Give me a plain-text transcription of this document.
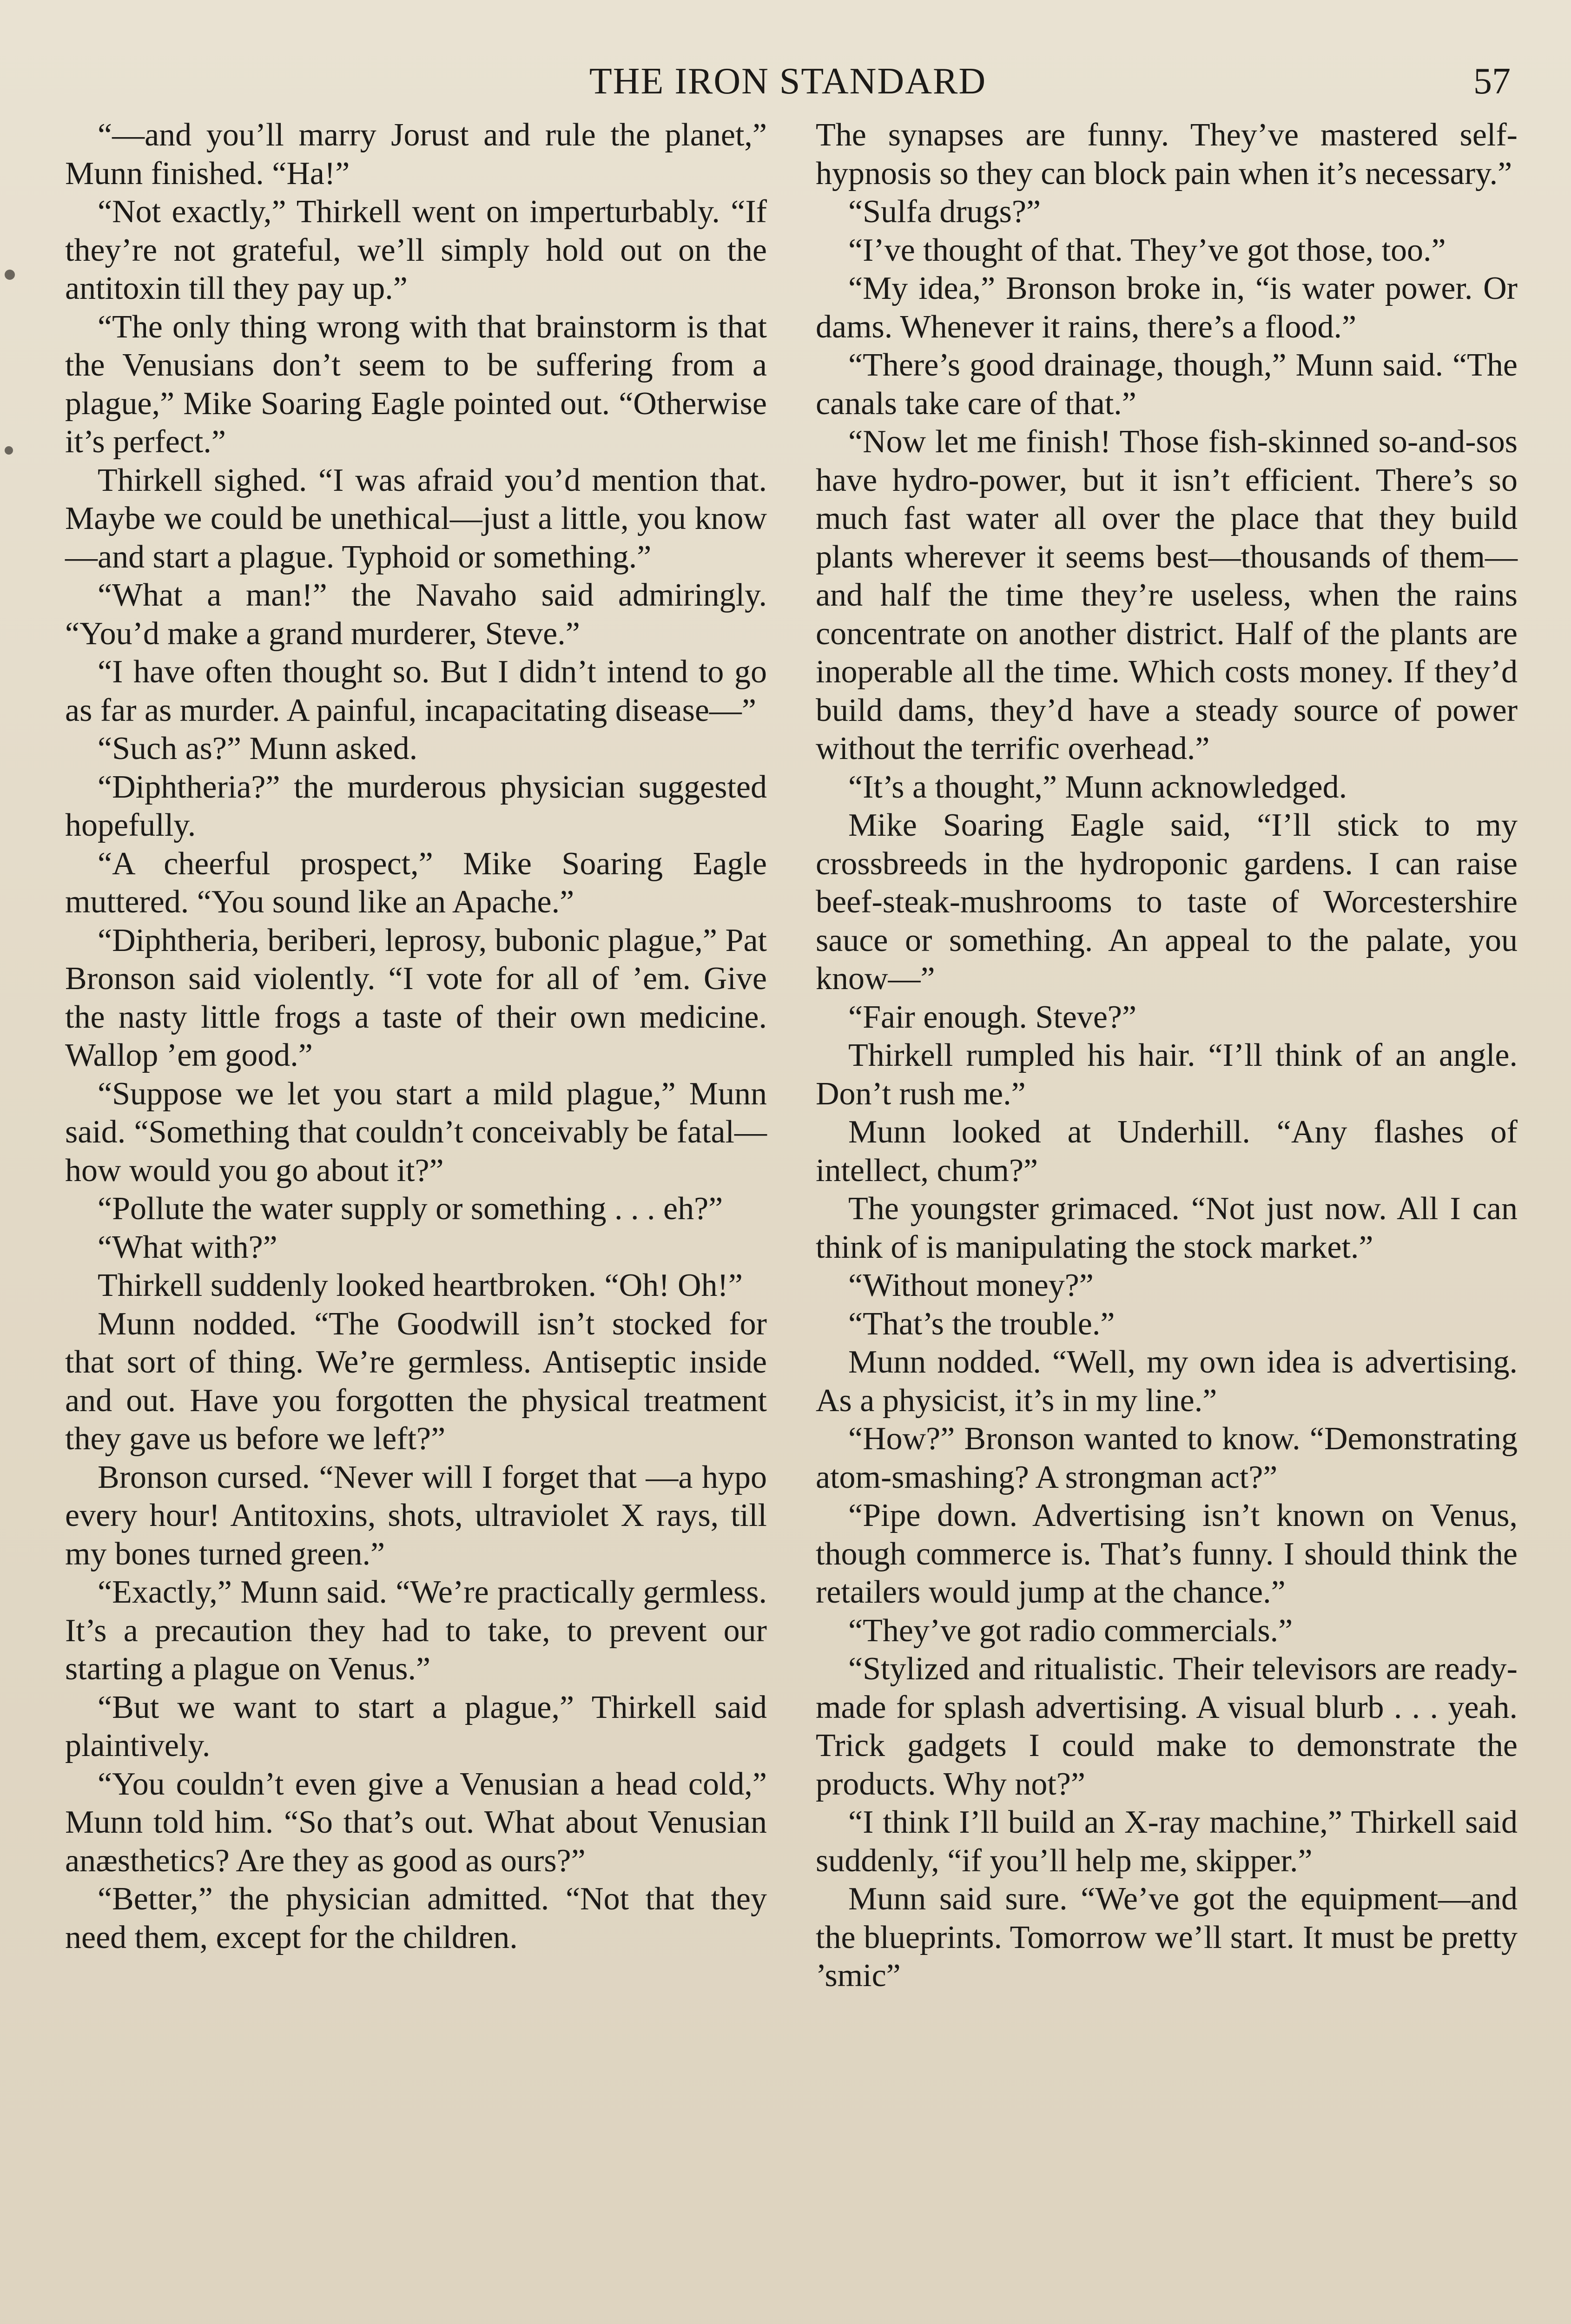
THE IRON STANDARD	57

“—and you’ll marry Jorust and rule the planet,” Munn finished. “Ha!”

“Not exactly,” Thirkell went on imperturbably. “If they’re not grateful, we’ll simply hold out on the antitoxin till they pay up.”

“The only thing wrong with that brainstorm is that the Venusians don’t seem to be suffering from a plague,” Mike Soaring Eagle pointed out. “Otherwise it’s perfect.”

Thirkell sighed. “I was afraid you’d mention that. Maybe we could be unethical—just a little, you know—and start a plague. Typhoid or something.”

“What a man!” the Navaho said admiringly. “You’d make a grand murderer, Steve.”

“I have often thought so. But I didn’t intend to go as far as murder. A painful, incapacitating disease—”

“Such as?” Munn asked.

“Diphtheria?” the murderous physician suggested hopefully.

“A cheerful prospect,” Mike Soaring Eagle muttered. “You sound like an Apache.”

“Diphtheria, beriberi, leprosy, bubonic plague,” Pat Bronson said violently. “I vote for all of ’em. Give the nasty little frogs a taste of their own medicine. Wallop ’em good.”

“Suppose we let you start a mild plague,” Munn said. “Something that couldn’t conceivably be fatal—how would you go about it?”

“Pollute the water supply or something . . . eh?”

“What with?”

Thirkell suddenly looked heartbroken. “Oh! Oh!”

Munn nodded. “The Goodwill isn’t stocked for that sort of thing. We’re germless. Antiseptic inside and out. Have you forgotten the physical treatment they gave us before we left?”

Bronson cursed. “Never will I forget that —a hypo every hour! Antitoxins, shots, ultraviolet X rays, till my bones turned green.”

“Exactly,” Munn said. “We’re practically germless. It’s a precaution they had to take, to prevent our starting a plague on Venus.”

“But we want to start a plague,” Thirkell said plaintively.

“You couldn’t even give a Venusian a head cold,” Munn told him. “So that’s out. What about Venusian anæsthetics? Are they as good as ours?”

“Better,” the physician admitted. “Not that they need them, except for the children.

The synapses are funny. They’ve mastered self-hypnosis so they can block pain when it’s necessary.”

“Sulfa drugs?”

“I’ve thought of that. They’ve got those, too.”

“My idea,” Bronson broke in, “is water power. Or dams. Whenever it rains, there’s a flood.”

“There’s good drainage, though,” Munn said. “The canals take care of that.”

“Now let me finish! Those fish-skinned so-and-sos have hydro-power, but it isn’t efficient. There’s so much fast water all over the place that they build plants wherever it seems best—thousands of them—and half the time they’re useless, when the rains concentrate on another district. Half of the plants are inoperable all the time. Which costs money. If they’d build dams, they’d have a steady source of power without the terrific overhead.”

“It’s a thought,” Munn acknowledged.

Mike Soaring Eagle said, “I’ll stick to my crossbreeds in the hydroponic gardens. I can raise beef-steak-mushrooms to taste of Worcestershire sauce or something. An appeal to the palate, you know—”

“Fair enough. Steve?”

Thirkell rumpled his hair. “I’ll think of an angle. Don’t rush me.”

Munn looked at Underhill. “Any flashes of intellect, chum?”

The youngster grimaced. “Not just now. All I can think of is manipulating the stock market.”

“Without money?”

“That’s the trouble.”

Munn nodded. “Well, my own idea is advertising. As a physicist, it’s in my line.”

“How?” Bronson wanted to know. “Demonstrating atom-smashing? A strongman act?”

“Pipe down. Advertising isn’t known on Venus, though commerce is. That’s funny. I should think the retailers would jump at the chance.”

“They’ve got radio commercials.”

“Stylized and ritualistic. Their televisors are ready-made for splash advertising. A visual blurb . . . yeah. Trick gadgets I could make to demonstrate the products. Why not?”

“I think I’ll build an X-ray machine,” Thirkell said suddenly, “if you’ll help me, skipper.”

Munn said sure. “We’ve got the equipment—and the blueprints. Tomorrow we’ll start. It must be pretty ’smic”
